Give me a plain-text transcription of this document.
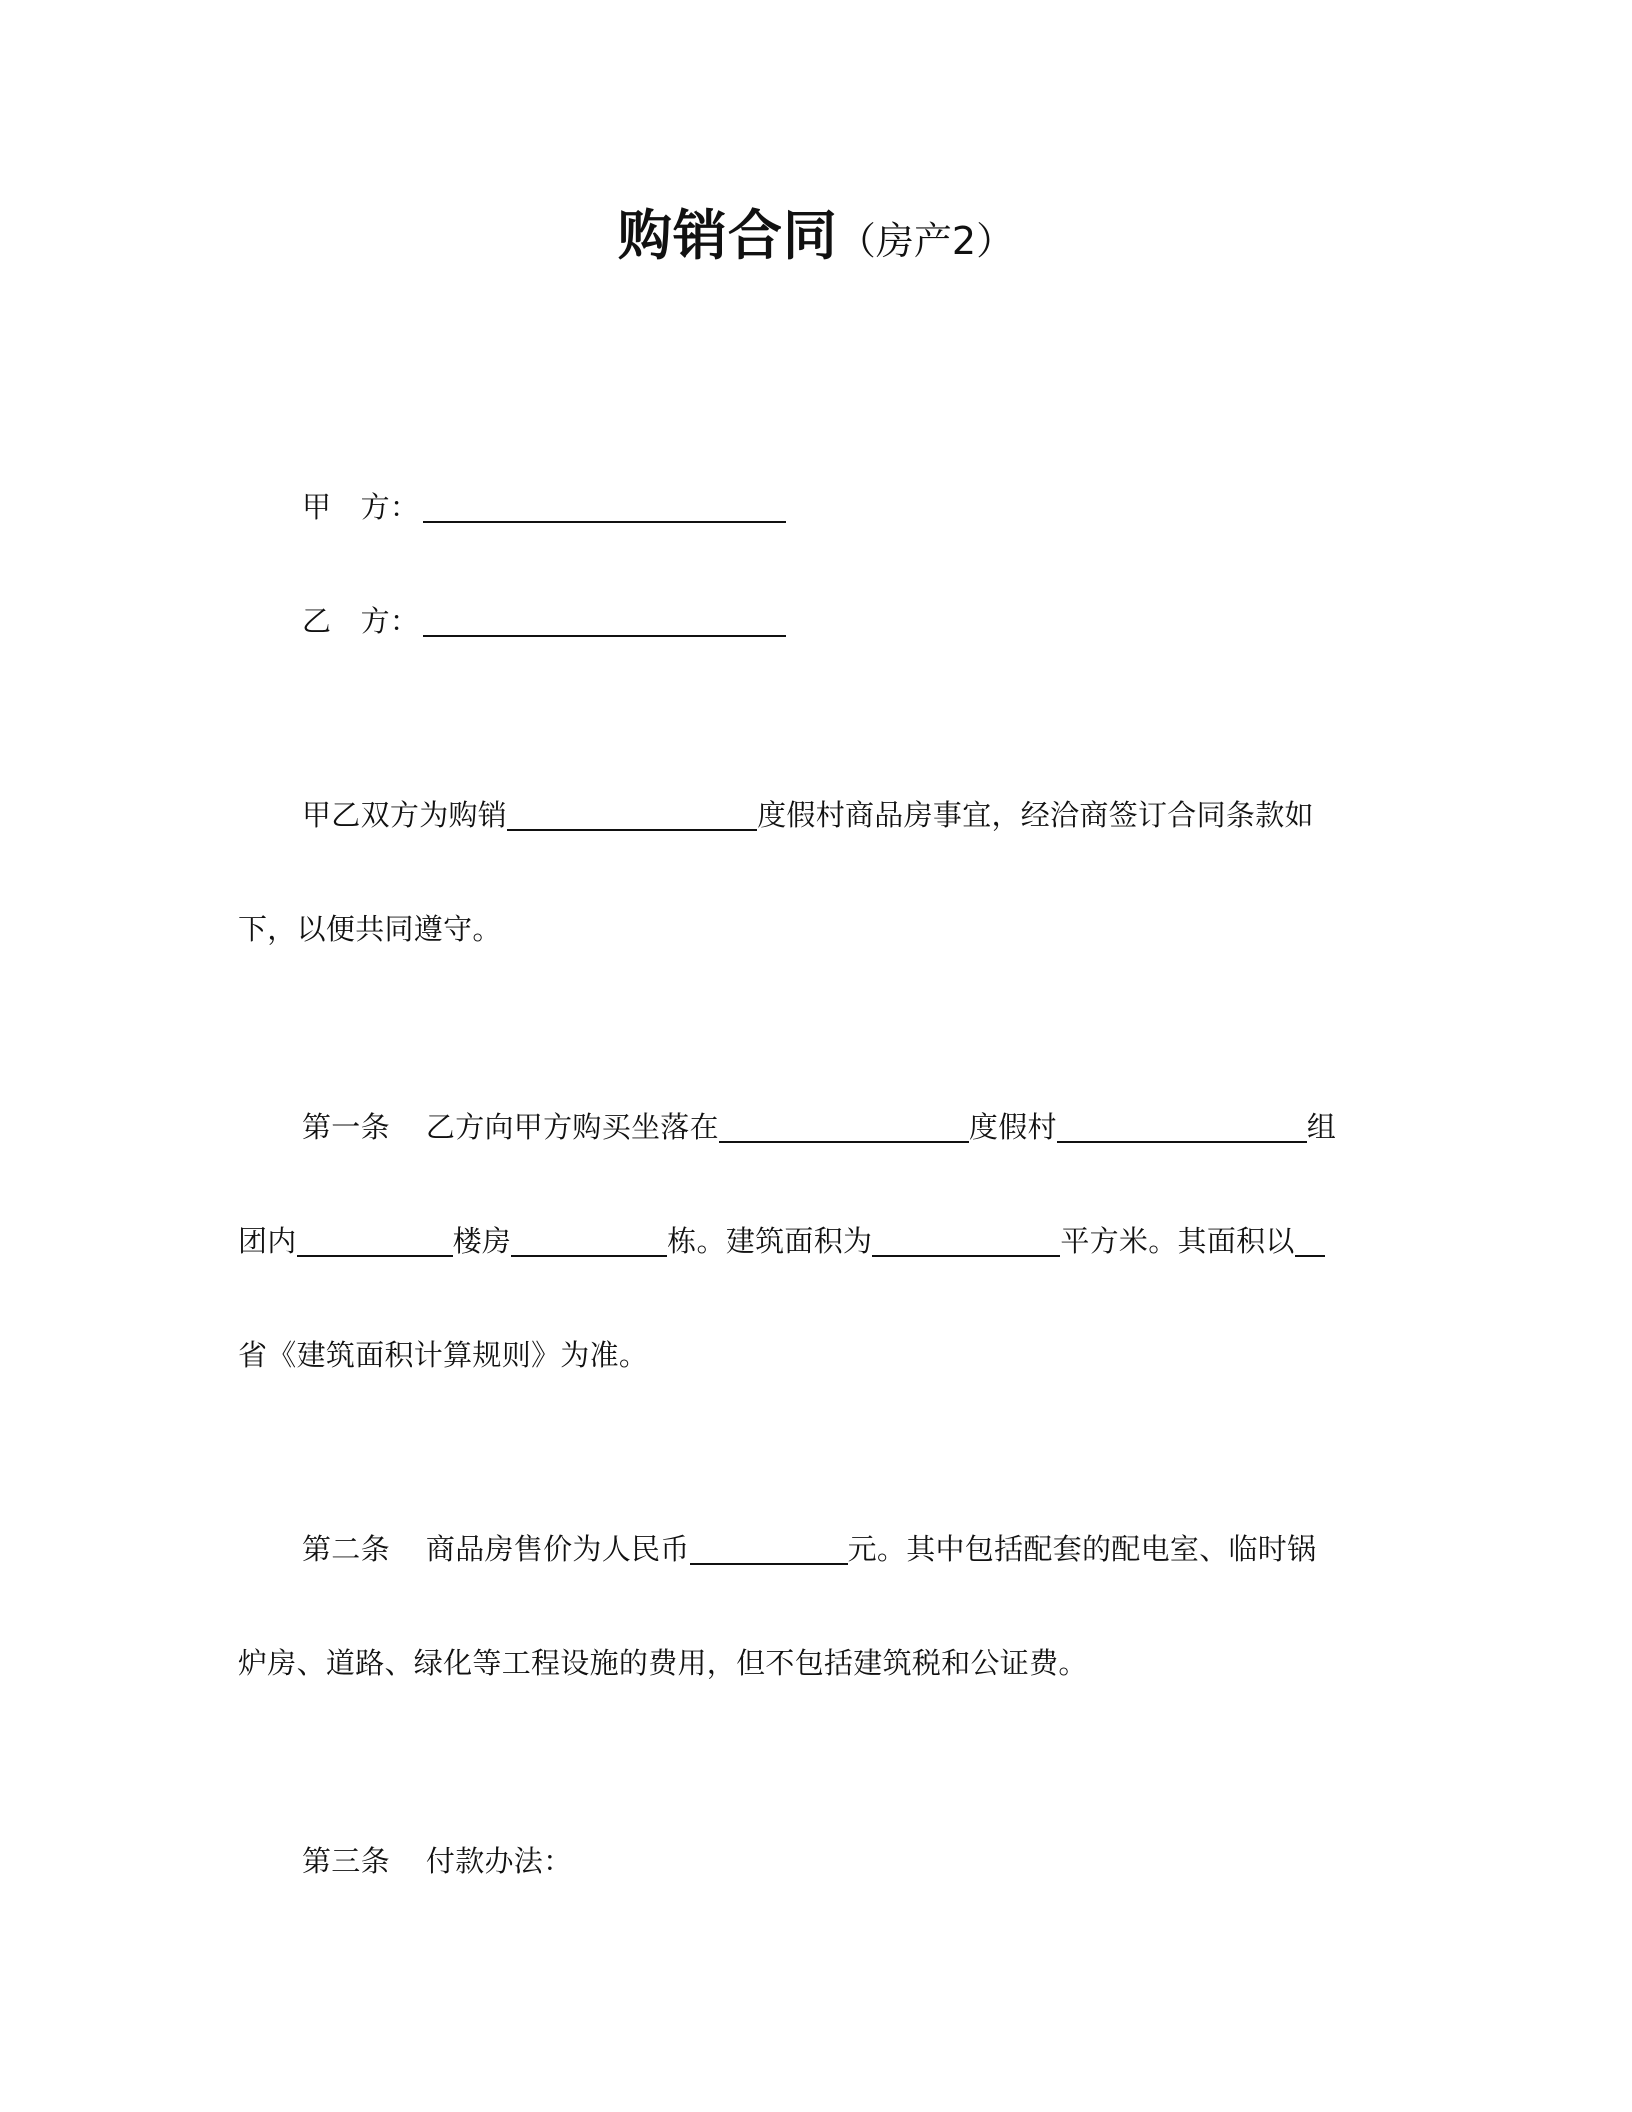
购销合同（房产2）
甲　方：
乙　方：
甲乙双方为购销	度假村商品房事宜，经洽商签订合同条款如
下，以便共同遵守。
第一条 乙方向甲方购买坐落在	度假村	组
团内	楼房	栋。建筑面积为	平方米。其面积以
省《建筑面积计算规则》为准。
第二条 商品房售价为人民币	元。其中包括配套的配电室、临时锅
炉房、道路、绿化等工程设施的费用，但不包括建筑税和公证费。
第三条 付款办法：
